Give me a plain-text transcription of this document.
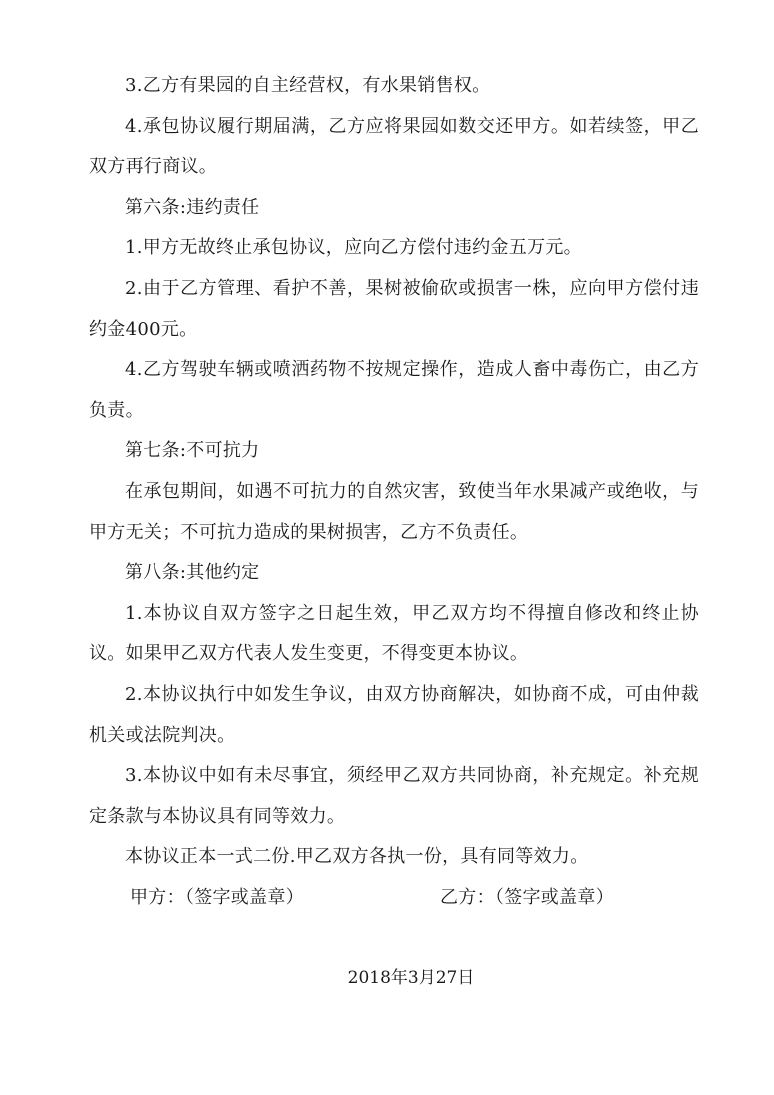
3.乙方有果园的自主经营权，有水果销售权。

4.承包协议履行期届满，乙方应将果园如数交还甲方。如若续签，甲乙双方再行商议。

第六条:违约责任

1.甲方无故终止承包协议，应向乙方偿付违约金五万元。

2.由于乙方管理、看护不善，果树被偷砍或损害一株，应向甲方偿付违约金400元。

4.乙方驾驶车辆或喷洒药物不按规定操作，造成人畜中毒伤亡，由乙方负责。

第七条:不可抗力

在承包期间，如遇不可抗力的自然灾害，致使当年水果减产或绝收，与甲方无关；不可抗力造成的果树损害，乙方不负责任。

第八条:其他约定

1.本协议自双方签字之日起生效，甲乙双方均不得擅自修改和终止协议。如果甲乙双方代表人发生变更，不得变更本协议。

2.本协议执行中如发生争议，由双方协商解决，如协商不成，可由仲裁机关或法院判决。

3.本协议中如有未尽事宜，须经甲乙双方共同协商，补充规定。补充规定条款与本协议具有同等效力。

本协议正本一式二份.甲乙双方各执一份，具有同等效力。

甲方：（签字或盖章）	乙方：（签字或盖章）
2018年3月27日
